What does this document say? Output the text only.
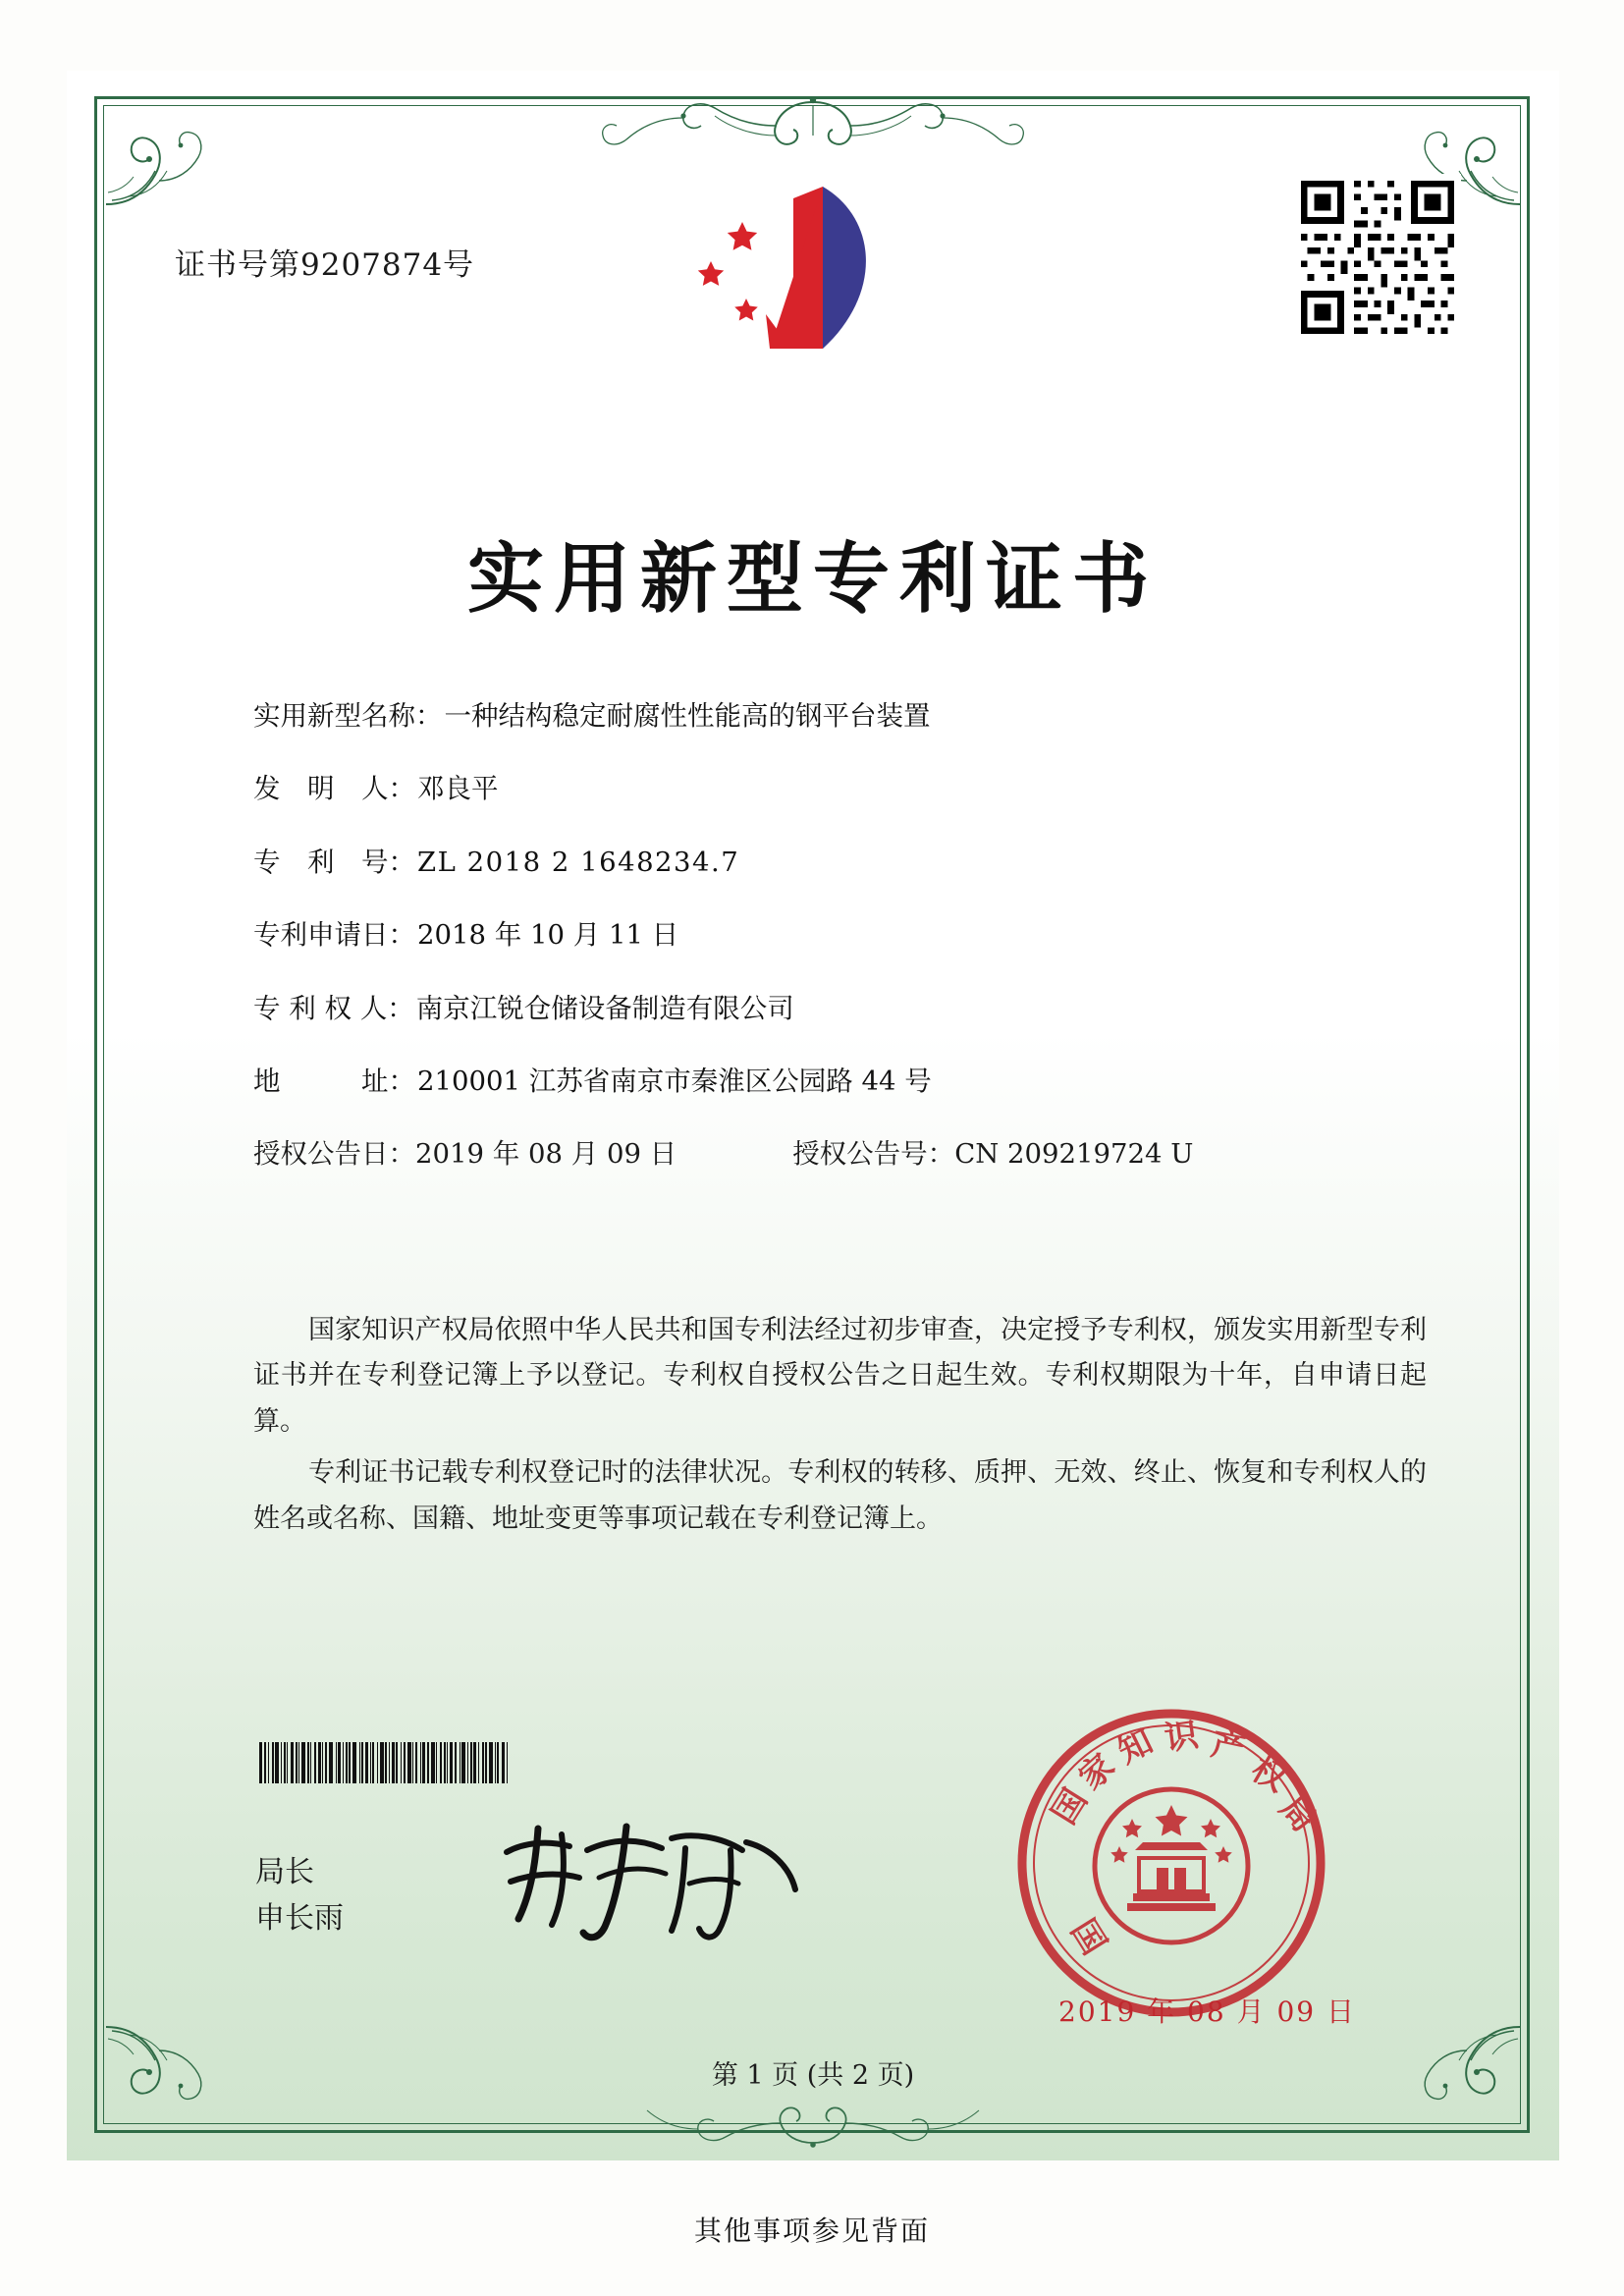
证书号第9207874号
实用新型专利证书
实用新型名称： 一种结构稳定耐腐性性能高的钢平台装置
发　明　人： 邓良平
专　利　号： ZL 2018 2 1648234.7
专利申请日： 2018 年 10 月 11 日
专 利 权 人： 南京江锐仓储设备制造有限公司
地　　　址： 210001 江苏省南京市秦淮区公园路 44 号
授权公告日： 2019 年 08 月 09 日	授权公告号： CN 209219724 U

国家知识产权局依照中华人民共和国专利法经过初步审查，决定授予专利权，颁发实用新型专利证书并在专利登记簿上予以登记。专利权自授权公告之日起生效。专利权期限为十年，自申请日起算。

专利证书记载专利权登记时的法律状况。专利权的转移、质押、无效、终止、恢复和专利权人的姓名或名称、国籍、地址变更等事项记载在专利登记簿上。

局长
申长雨
国
家
知 识 产
权
局
国
2019 年 08 月 09 日
第 1 页 (共 2 页)
其他事项参见背面
